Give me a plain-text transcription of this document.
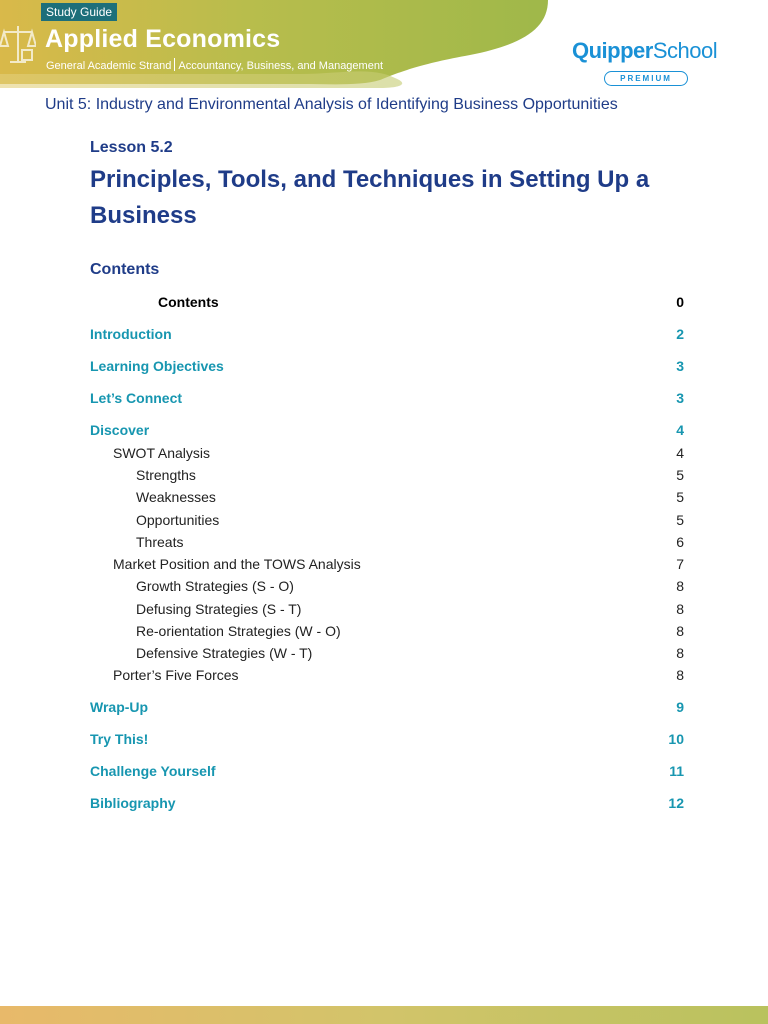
Study Guide
Applied Economics
General Academic Strand Accountancy, Business, and Management
QuipperSchool
PREMIUM
Unit 5: Industry and Environmental Analysis of Identifying Business Opportunities
Lesson 5.2
Principles, Tools, and Techniques in Setting Up a Business
Contents
Contents	0
Introduction	2
Learning Objectives	3
Let’s Connect	3
Discover	4
SWOT Analysis	4
Strengths	5
Weaknesses	5
Opportunities	5
Threats	6
Market Position and the TOWS Analysis	7
Growth Strategies (S - O)	8
Defusing Strategies (S - T)	8
Re-orientation Strategies (W - O)	8
Defensive Strategies (W - T)	8
Porter’s Five Forces	8
Wrap-Up	9
Try This!	10
Challenge Yourself	11
Bibliography	12
